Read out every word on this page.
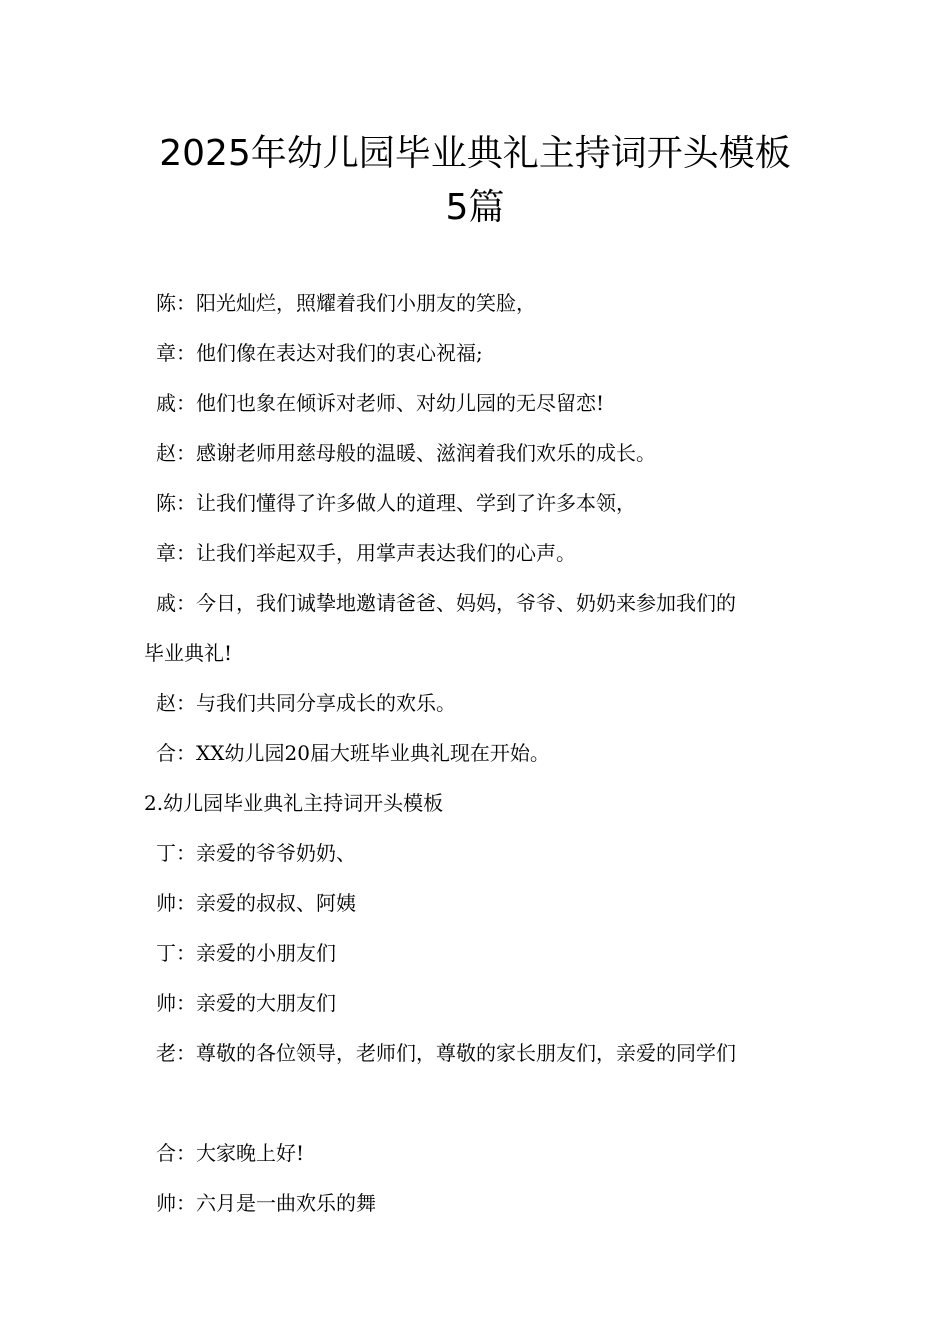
2025年幼儿园毕业典礼主持词开头模板
5篇
陈：阳光灿烂，照耀着我们小朋友的笑脸，
章：他们像在表达对我们的衷心祝福;
戚：他们也象在倾诉对老师、对幼儿园的无尽留恋!
赵：感谢老师用慈母般的温暖、滋润着我们欢乐的成长。
陈：让我们懂得了许多做人的道理、学到了许多本领，
章：让我们举起双手，用掌声表达我们的心声。
戚：今日，我们诚挚地邀请爸爸、妈妈，爷爷、奶奶来参加我们的
毕业典礼!
赵：与我们共同分享成长的欢乐。
合：XX幼儿园20届大班毕业典礼现在开始。
2.幼儿园毕业典礼主持词开头模板
丁：亲爱的爷爷奶奶、
帅：亲爱的叔叔、阿姨
丁：亲爱的小朋友们
帅：亲爱的大朋友们
老：尊敬的各位领导，老师们，尊敬的家长朋友们，亲爱的同学们
合：大家晚上好!
帅：六月是一曲欢乐的舞
